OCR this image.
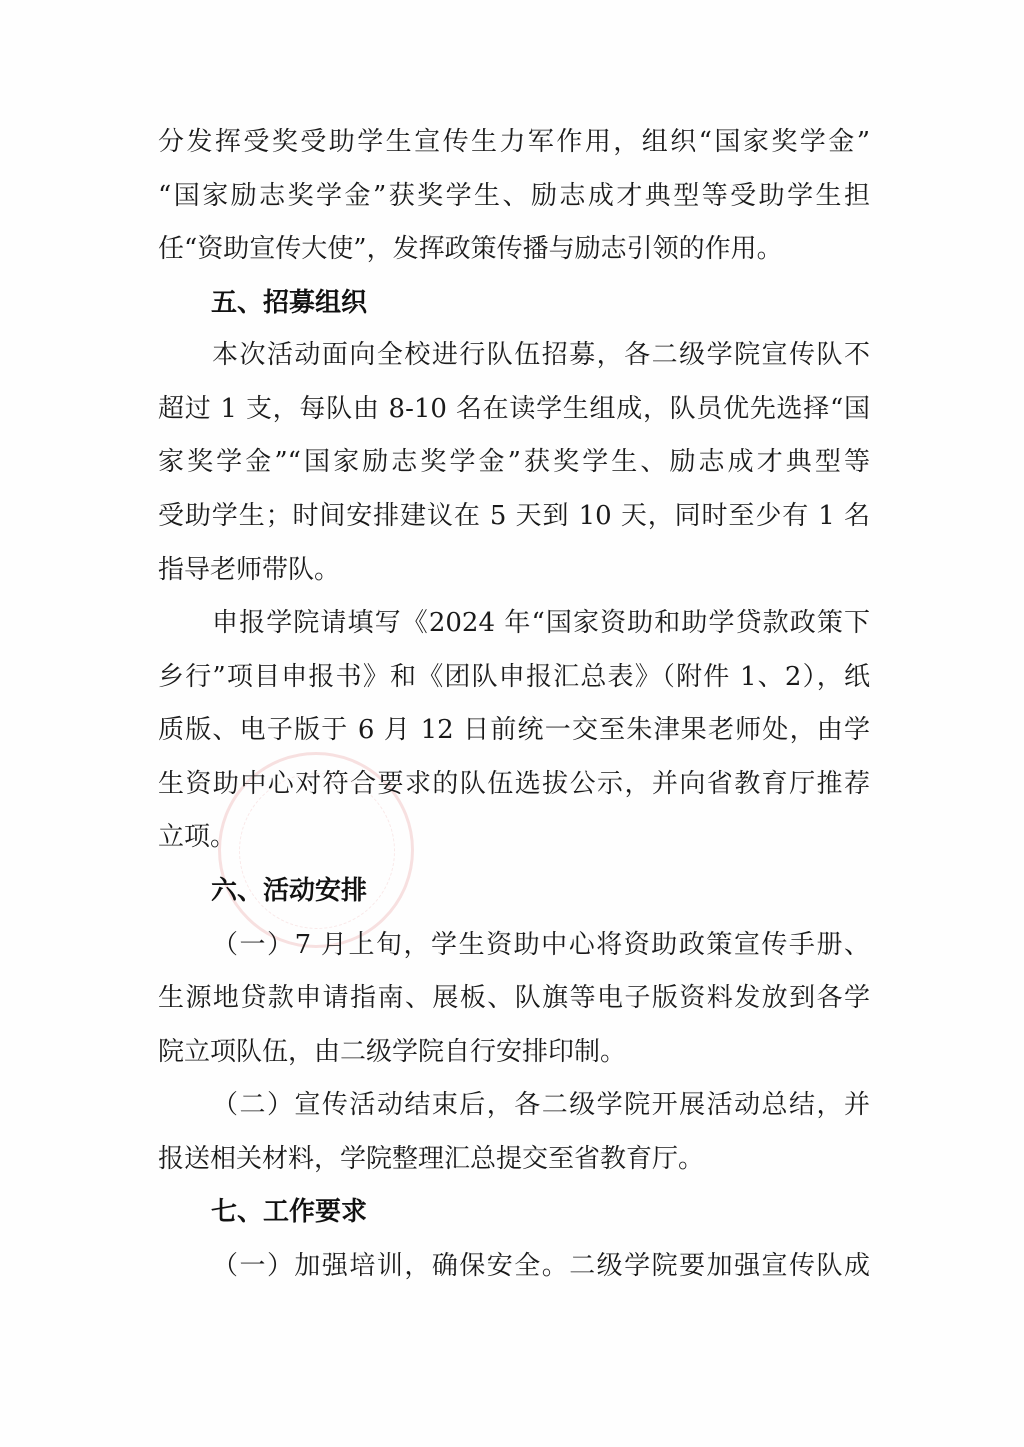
分发挥受奖受助学生宣传生力军作用，组织“国家奖学金”

“国家励志奖学金”获奖学生、励志成才典型等受助学生担

任“资助宣传大使”，发挥政策传播与励志引领的作用。

五、招募组织

本次活动面向全校进行队伍招募，各二级学院宣传队不

超过 1 支，每队由 8-10 名在读学生组成，队员优先选择“国

家奖学金”“国家励志奖学金”获奖学生、励志成才典型等

受助学生；时间安排建议在 5 天到 10 天，同时至少有 1 名

指导老师带队。

申报学院请填写《2024 年“国家资助和助学贷款政策下

乡行”项目申报书》和《团队申报汇总表》（附件 1、2），纸

质版、电子版于 6 月 12 日前统一交至朱津果老师处，由学

生资助中心对符合要求的队伍选拔公示，并向省教育厅推荐

立项。

六、活动安排

（一）7 月上旬，学生资助中心将资助政策宣传手册、

生源地贷款申请指南、展板、队旗等电子版资料发放到各学

院立项队伍，由二级学院自行安排印制。

（二）宣传活动结束后，各二级学院开展活动总结，并

报送相关材料，学院整理汇总提交至省教育厅。

七、工作要求

（一）加强培训，确保安全。二级学院要加强宣传队成
